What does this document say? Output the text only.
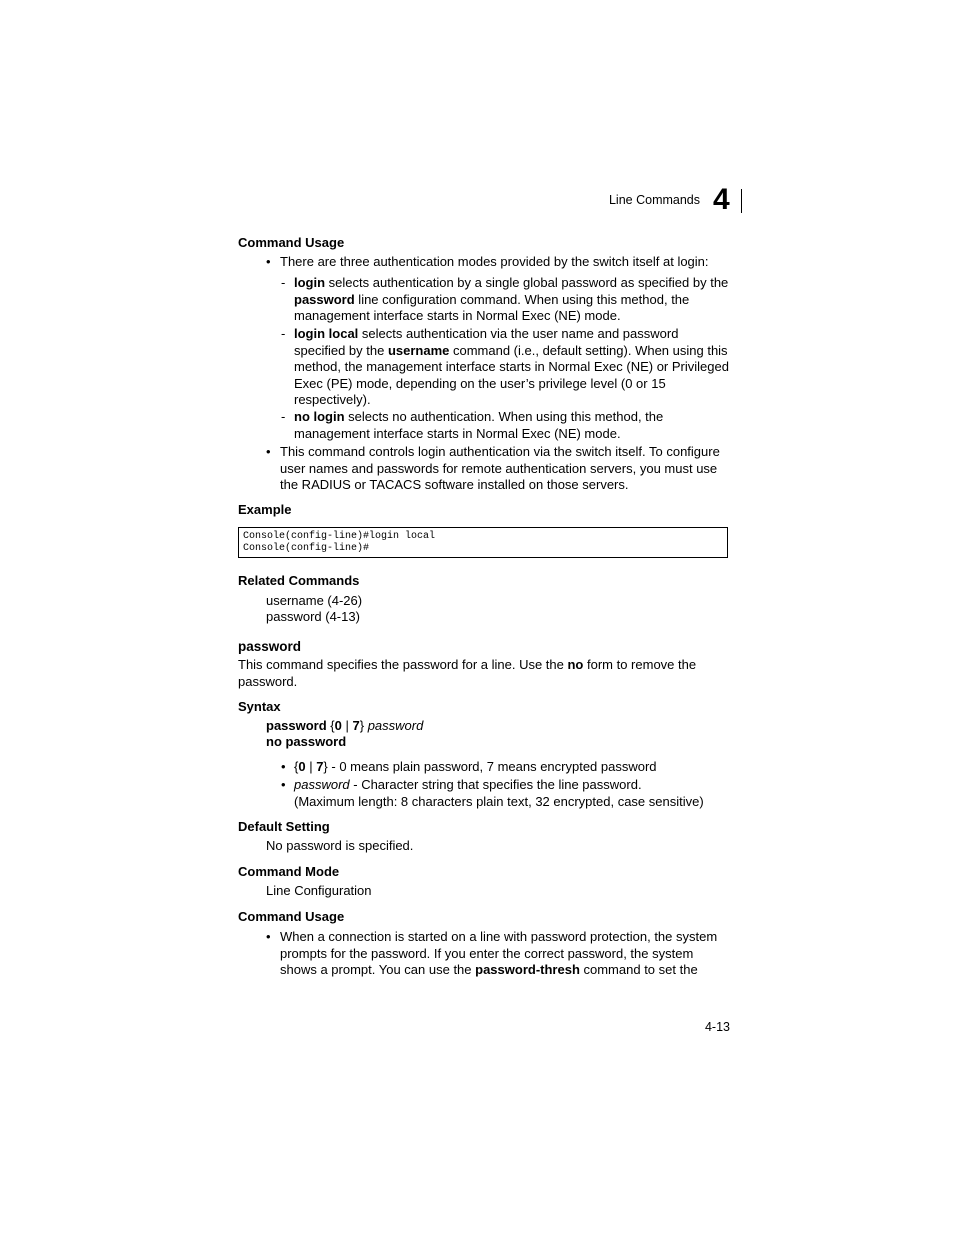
Line Commands 4
Command Usage
• There are three authentication modes provided by the switch itself at login:
- login selects authentication by a single global password as specified by the
password line configuration command. When using this method, the
management interface starts in Normal Exec (NE) mode.
- login local selects authentication via the user name and password
specified by the username command (i.e., default setting). When using this
method, the management interface starts in Normal Exec (NE) or Privileged
Exec (PE) mode, depending on the user’s privilege level (0 or 15
respectively).
- no login selects no authentication. When using this method, the
management interface starts in Normal Exec (NE) mode.
• This command controls login authentication via the switch itself. To configure
user names and passwords for remote authentication servers, you must use
the RADIUS or TACACS software installed on those servers.
Example
Console(config-line)#login local
Console(config-line)#
Related Commands
username (4-26)
password (4-13)
password
This command specifies the password for a line. Use the no form to remove the
password.
Syntax
password {0 | 7} password
no password
• {0 | 7} - 0 means plain password, 7 means encrypted password
• password - Character string that specifies the line password.
(Maximum length: 8 characters plain text, 32 encrypted, case sensitive)
Default Setting
No password is specified.
Command Mode
Line Configuration
Command Usage
• When a connection is started on a line with password protection, the system
prompts for the password. If you enter the correct password, the system
shows a prompt. You can use the password-thresh command to set the
4-13
